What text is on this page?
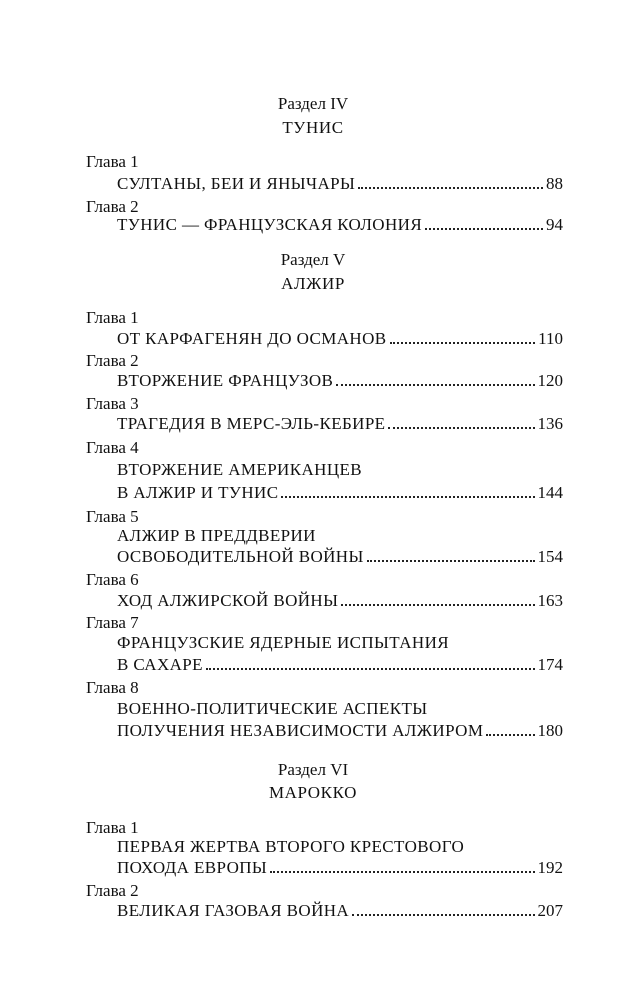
Раздел IV
ТУНИС
Глава 1
СУЛТАНЫ, БЕИ И ЯНЫЧАРЫ	88
Глава 2
ТУНИС — ФРАНЦУЗСКАЯ КОЛОНИЯ	94
Раздел V
АЛЖИР
Глава 1
ОТ КАРФАГЕНЯН ДО ОСМАНОВ	110
Глава 2
ВТОРЖЕНИЕ ФРАНЦУЗОВ	120
Глава 3
ТРАГЕДИЯ В МЕРС-ЭЛЬ-КЕБИРЕ	136
Глава 4
ВТОРЖЕНИЕ АМЕРИКАНЦЕВ
В АЛЖИР И ТУНИС	144
Глава 5
АЛЖИР В ПРЕДДВЕРИИ
ОСВОБОДИТЕЛЬНОЙ ВОЙНЫ	154
Глава 6
ХОД АЛЖИРСКОЙ ВОЙНЫ	163
Глава 7
ФРАНЦУЗСКИЕ ЯДЕРНЫЕ ИСПЫТАНИЯ
В САХАРЕ	174
Глава 8
ВОЕННО-ПОЛИТИЧЕСКИЕ АСПЕКТЫ
ПОЛУЧЕНИЯ НЕЗАВИСИМОСТИ АЛЖИРОМ	180
Раздел VI
МАРОККО
Глава 1
ПЕРВАЯ ЖЕРТВА ВТОРОГО КРЕСТОВОГО
ПОХОДА ЕВРОПЫ	192
Глава 2
ВЕЛИКАЯ ГАЗОВАЯ ВОЙНА	207
